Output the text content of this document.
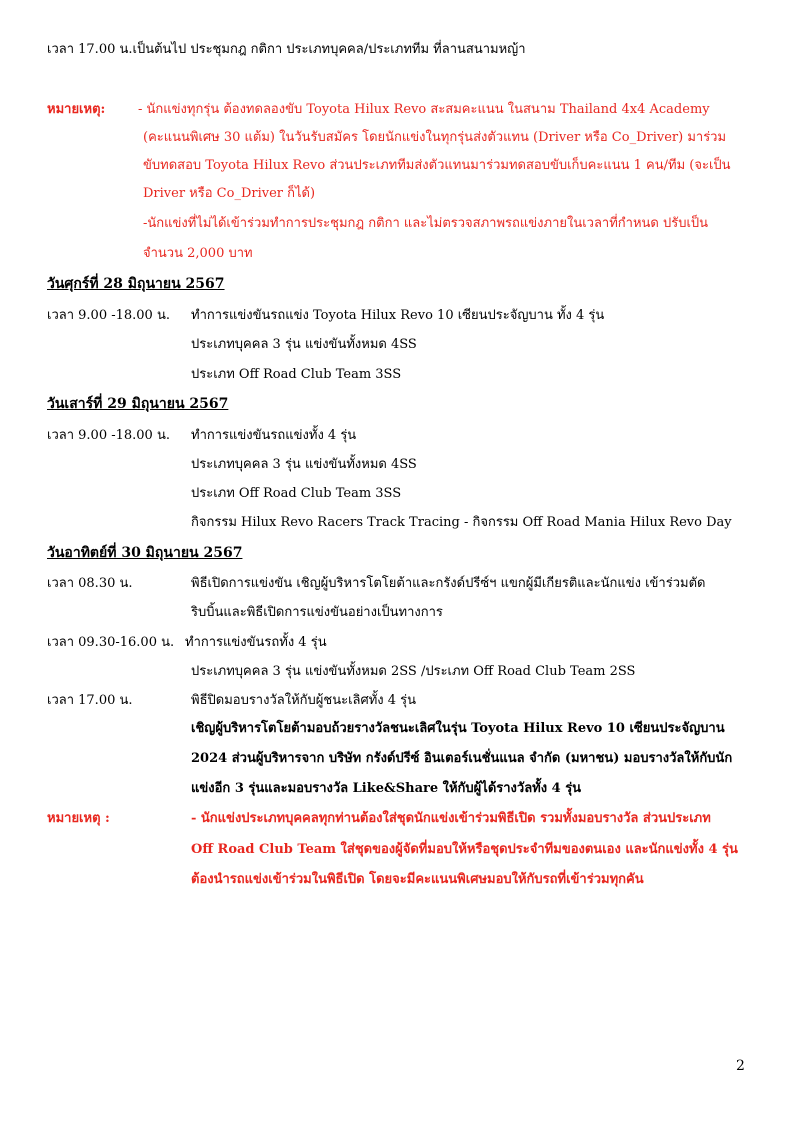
เวลา 17.00 น.เป็นต้นไป ประชุมกฎ กติกา ประเภทบุคคล/ประเภททีม ที่ลานสนามหญ้า
หมายเหตุ:	- นักแข่งทุกรุ่น ต้องทดลองขับ Toyota Hilux Revo สะสมคะแนน ในสนาม Thailand 4x4 Academy
(คะแนนพิเศษ 30 แต้ม) ในวันรับสมัคร โดยนักแข่งในทุกรุ่นส่งตัวแทน (Driver หรือ Co_Driver) มาร่วม
ขับทดสอบ Toyota Hilux Revo ส่วนประเภททีมส่งตัวแทนมาร่วมทดสอบขับเก็บคะแนน 1 คน/ทีม (จะเป็น
Driver หรือ Co_Driver ก็ได้)
-นักแข่งที่ไม่ได้เข้าร่วมทำการประชุมกฎ กติกา และไม่ตรวจสภาพรถแข่งภายในเวลาที่กำหนด ปรับเป็น
จำนวน 2,000 บาท
วันศุกร์ที่ 28 มิถุนายน 2567
เวลา 9.00 -18.00 น. ทำการแข่งขันรถแข่ง Toyota Hilux Revo 10 เซียนประจัญบาน ทั้ง 4 รุ่น
ประเภทบุคคล 3 รุ่น แข่งขันทั้งหมด 4SS
ประเภท Off Road Club Team 3SS
วันเสาร์ที่ 29 มิถุนายน 2567
เวลา 9.00 -18.00 น. ทำการแข่งขันรถแข่งทั้ง 4 รุ่น
ประเภทบุคคล 3 รุ่น แข่งขันทั้งหมด 4SS
ประเภท Off Road Club Team 3SS
กิจกรรม Hilux Revo Racers Track Tracing - กิจกรรม Off Road Mania Hilux Revo Day
วันอาทิตย์ที่ 30 มิถุนายน 2567
เวลา 08.30 น.	พิธีเปิดการแข่งขัน เชิญผู้บริหารโตโยต้าและกรังด์ปรีซ์ฯ แขกผู้มีเกียรติและนักแข่ง เข้าร่วมตัด
ริบบิ้นและพิธีเปิดการแข่งขันอย่างเป็นทางการ
เวลา 09.30-16.00 น. ทำการแข่งขันรถทั้ง 4 รุ่น
ประเภทบุคคล 3 รุ่น แข่งขันทั้งหมด 2SS /ประเภท Off Road Club Team 2SS
เวลา 17.00 น.	พิธีปิดมอบรางวัลให้กับผู้ชนะเลิศทั้ง 4 รุ่น
เชิญผู้บริหารโตโยต้ามอบถ้วยรางวัลชนะเลิศในรุ่น Toyota Hilux Revo 10 เซียนประจัญบาน
2024 ส่วนผู้บริหารจาก บริษัท กรังด์ปรีซ์ อินเตอร์เนชั่นแนล จำกัด (มหาชน) มอบรางวัลให้กับนัก
แข่งอีก 3 รุ่นและมอบรางวัล Like&Share ให้กับผู้ได้รางวัลทั้ง 4 รุ่น
หมายเหตุ :	- นักแข่งประเภทบุคคลทุกท่านต้องใส่ชุดนักแข่งเข้าร่วมพิธีเปิด รวมทั้งมอบรางวัล ส่วนประเภท
Off Road Club Team ใส่ชุดของผู้จัดที่มอบให้หรือชุดประจำทีมของตนเอง และนักแข่งทั้ง 4 รุ่น
ต้องนำรถแข่งเข้าร่วมในพิธีเปิด โดยจะมีคะแนนพิเศษมอบให้กับรถที่เข้าร่วมทุกคัน
2
